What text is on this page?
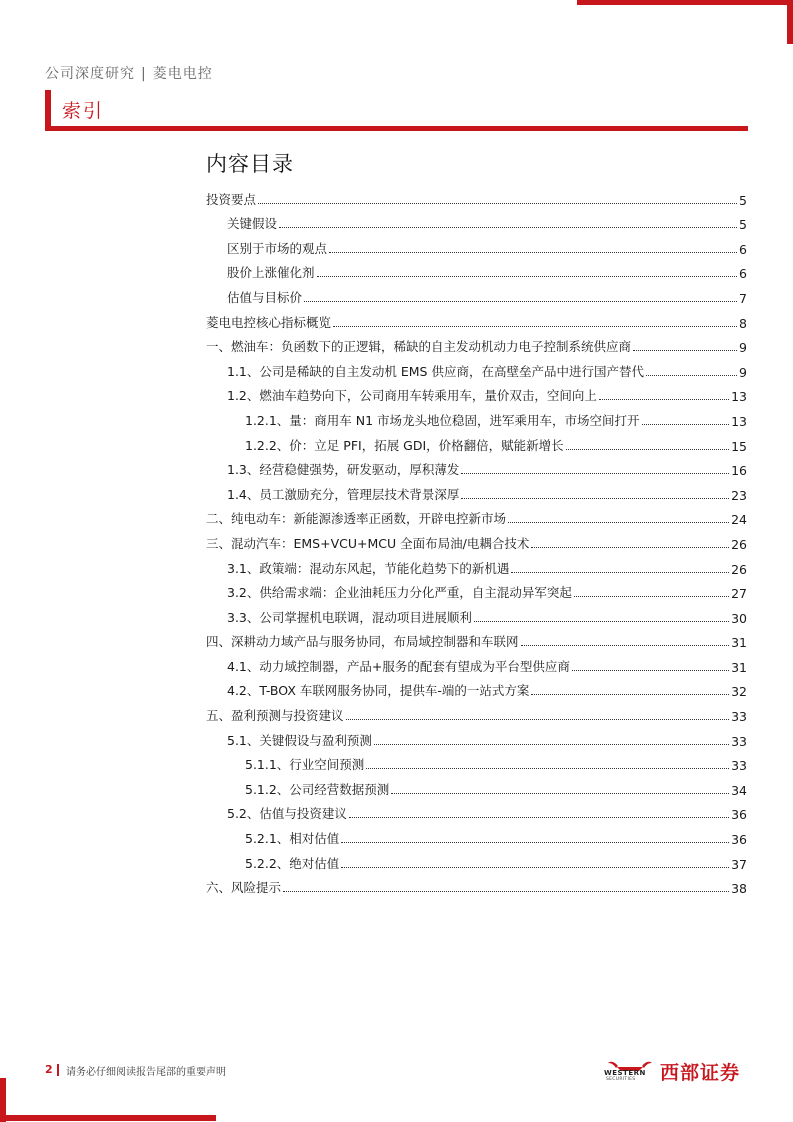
公司深度研究 | 菱电电控
索引
内容目录
投资要点	5
关键假设	5
区别于市场的观点	6
股价上涨催化剂	6
估值与目标价	7
菱电电控核心指标概览	8
一、燃油车：负函数下的正逻辑，稀缺的自主发动机动力电子控制系统供应商	9
1.1、公司是稀缺的自主发动机 EMS 供应商，在高壁垒产品中进行国产替代	9
1.2、燃油车趋势向下，公司商用车转乘用车，量价双击，空间向上	13
1.2.1、量：商用车 N1 市场龙头地位稳固，进军乘用车，市场空间打开	13
1.2.2、价：立足 PFI，拓展 GDI，价格翻倍，赋能新增长	15
1.3、经营稳健强势，研发驱动，厚积薄发	16
1.4、员工激励充分，管理层技术背景深厚	23
二、纯电动车：新能源渗透率正函数，开辟电控新市场	24
三、混动汽车：EMS+VCU+MCU 全面布局油/电耦合技术	26
3.1、政策端：混动东风起，节能化趋势下的新机遇	26
3.2、供给需求端：企业油耗压力分化严重，自主混动异军突起	27
3.3、公司掌握机电联调，混动项目进展顺利	30
四、深耕动力域产品与服务协同，布局域控制器和车联网	31
4.1、动力域控制器，产品+服务的配套有望成为平台型供应商	31
4.2、T-BOX 车联网服务协同，提供车-端的一站式方案	32
五、盈利预测与投资建议	33
5.1、关键假设与盈利预测	33
5.1.1、行业空间预测	33
5.1.2、公司经营数据预测	34
5.2、估值与投资建议	36
5.2.1、相对估值	36
5.2.2、绝对估值	37
六、风险提示	38
2 请务必仔细阅读报告尾部的重要声明	WESTERN
SECURITIES 西部证券
